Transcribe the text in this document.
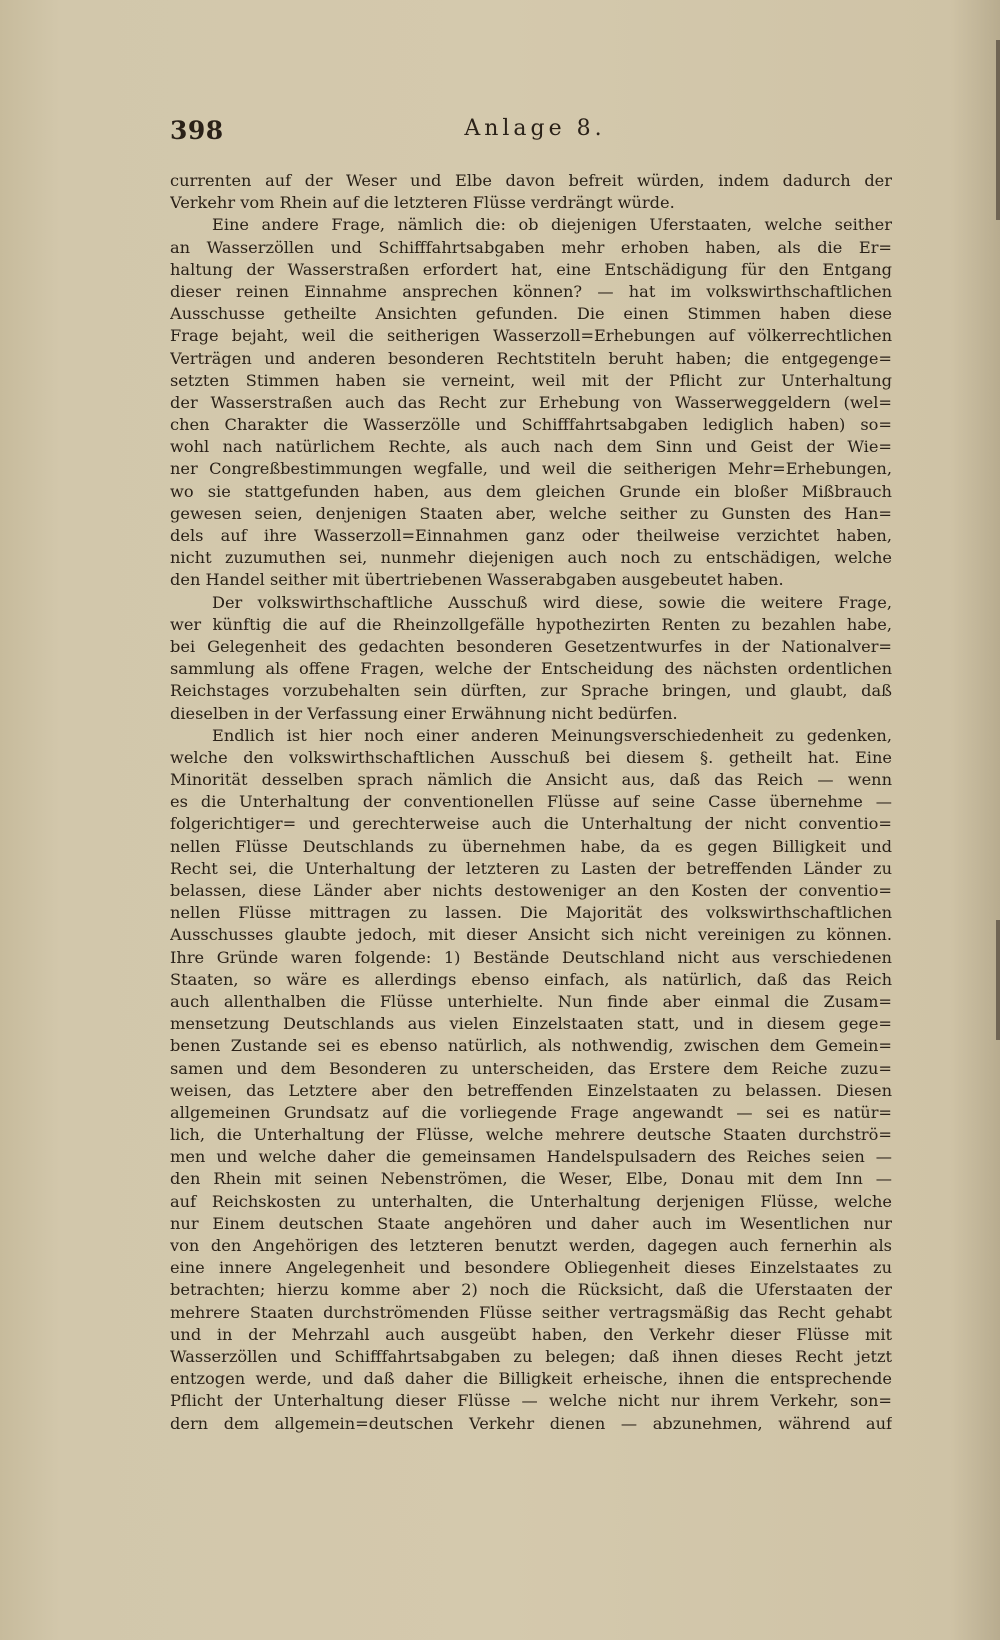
398	Anlage 8.
currenten auf der Weser und Elbe davon befreit würden, indem dadurch der
Verkehr vom Rhein auf die letzteren Flüsse verdrängt würde.
Eine andere Frage, nämlich die: ob diejenigen Uferstaaten, welche seither
an Wasserzöllen und Schifffahrtsabgaben mehr erhoben haben, als die Er=
haltung der Wasserstraßen erfordert hat, eine Entschädigung für den Entgang
dieser reinen Einnahme ansprechen können? — hat im volkswirthschaftlichen
Ausschusse getheilte Ansichten gefunden. Die einen Stimmen haben diese
Frage bejaht, weil die seitherigen Wasserzoll=Erhebungen auf völkerrechtlichen
Verträgen und anderen besonderen Rechtstiteln beruht haben; die entgegenge=
setzten Stimmen haben sie verneint, weil mit der Pflicht zur Unterhaltung
der Wasserstraßen auch das Recht zur Erhebung von Wasserweggeldern (wel=
chen Charakter die Wasserzölle und Schifffahrtsabgaben lediglich haben) so=
wohl nach natürlichem Rechte, als auch nach dem Sinn und Geist der Wie=
ner Congreßbestimmungen wegfalle, und weil die seitherigen Mehr=Erhebungen,
wo sie stattgefunden haben, aus dem gleichen Grunde ein bloßer Mißbrauch
gewesen seien, denjenigen Staaten aber, welche seither zu Gunsten des Han=
dels auf ihre Wasserzoll=Einnahmen ganz oder theilweise verzichtet haben,
nicht zuzumuthen sei, nunmehr diejenigen auch noch zu entschädigen, welche
den Handel seither mit übertriebenen Wasserabgaben ausgebeutet haben.
Der volkswirthschaftliche Ausschuß wird diese, sowie die weitere Frage,
wer künftig die auf die Rheinzollgefälle hypothezirten Renten zu bezahlen habe,
bei Gelegenheit des gedachten besonderen Gesetzentwurfes in der Nationalver=
sammlung als offene Fragen, welche der Entscheidung des nächsten ordentlichen
Reichstages vorzubehalten sein dürften, zur Sprache bringen, und glaubt, daß
dieselben in der Verfassung einer Erwähnung nicht bedürfen.
Endlich ist hier noch einer anderen Meinungsverschiedenheit zu gedenken,
welche den volkswirthschaftlichen Ausschuß bei diesem §. getheilt hat. Eine
Minorität desselben sprach nämlich die Ansicht aus, daß das Reich — wenn
es die Unterhaltung der conventionellen Flüsse auf seine Casse übernehme —
folgerichtiger= und gerechterweise auch die Unterhaltung der nicht conventio=
nellen Flüsse Deutschlands zu übernehmen habe, da es gegen Billigkeit und
Recht sei, die Unterhaltung der letzteren zu Lasten der betreffenden Länder zu
belassen, diese Länder aber nichts destoweniger an den Kosten der conventio=
nellen Flüsse mittragen zu lassen. Die Majorität des volkswirthschaftlichen
Ausschusses glaubte jedoch, mit dieser Ansicht sich nicht vereinigen zu können.
Ihre Gründe waren folgende: 1) Bestände Deutschland nicht aus verschiedenen
Staaten, so wäre es allerdings ebenso einfach, als natürlich, daß das Reich
auch allenthalben die Flüsse unterhielte. Nun finde aber einmal die Zusam=
mensetzung Deutschlands aus vielen Einzelstaaten statt, und in diesem gege=
benen Zustande sei es ebenso natürlich, als nothwendig, zwischen dem Gemein=
samen und dem Besonderen zu unterscheiden, das Erstere dem Reiche zuzu=
weisen, das Letztere aber den betreffenden Einzelstaaten zu belassen. Diesen
allgemeinen Grundsatz auf die vorliegende Frage angewandt — sei es natür=
lich, die Unterhaltung der Flüsse, welche mehrere deutsche Staaten durchströ=
men und welche daher die gemeinsamen Handelspulsadern des Reiches seien —
den Rhein mit seinen Nebenströmen, die Weser, Elbe, Donau mit dem Inn —
auf Reichskosten zu unterhalten, die Unterhaltung derjenigen Flüsse, welche
nur Einem deutschen Staate angehören und daher auch im Wesentlichen nur
von den Angehörigen des letzteren benutzt werden, dagegen auch fernerhin als
eine innere Angelegenheit und besondere Obliegenheit dieses Einzelstaates zu
betrachten; hierzu komme aber 2) noch die Rücksicht, daß die Uferstaaten der
mehrere Staaten durchströmenden Flüsse seither vertragsmäßig das Recht gehabt
und in der Mehrzahl auch ausgeübt haben, den Verkehr dieser Flüsse mit
Wasserzöllen und Schifffahrtsabgaben zu belegen; daß ihnen dieses Recht jetzt
entzogen werde, und daß daher die Billigkeit erheische, ihnen die entsprechende
Pflicht der Unterhaltung dieser Flüsse — welche nicht nur ihrem Verkehr, son=
dern dem allgemein=deutschen Verkehr dienen — abzunehmen, während auf
